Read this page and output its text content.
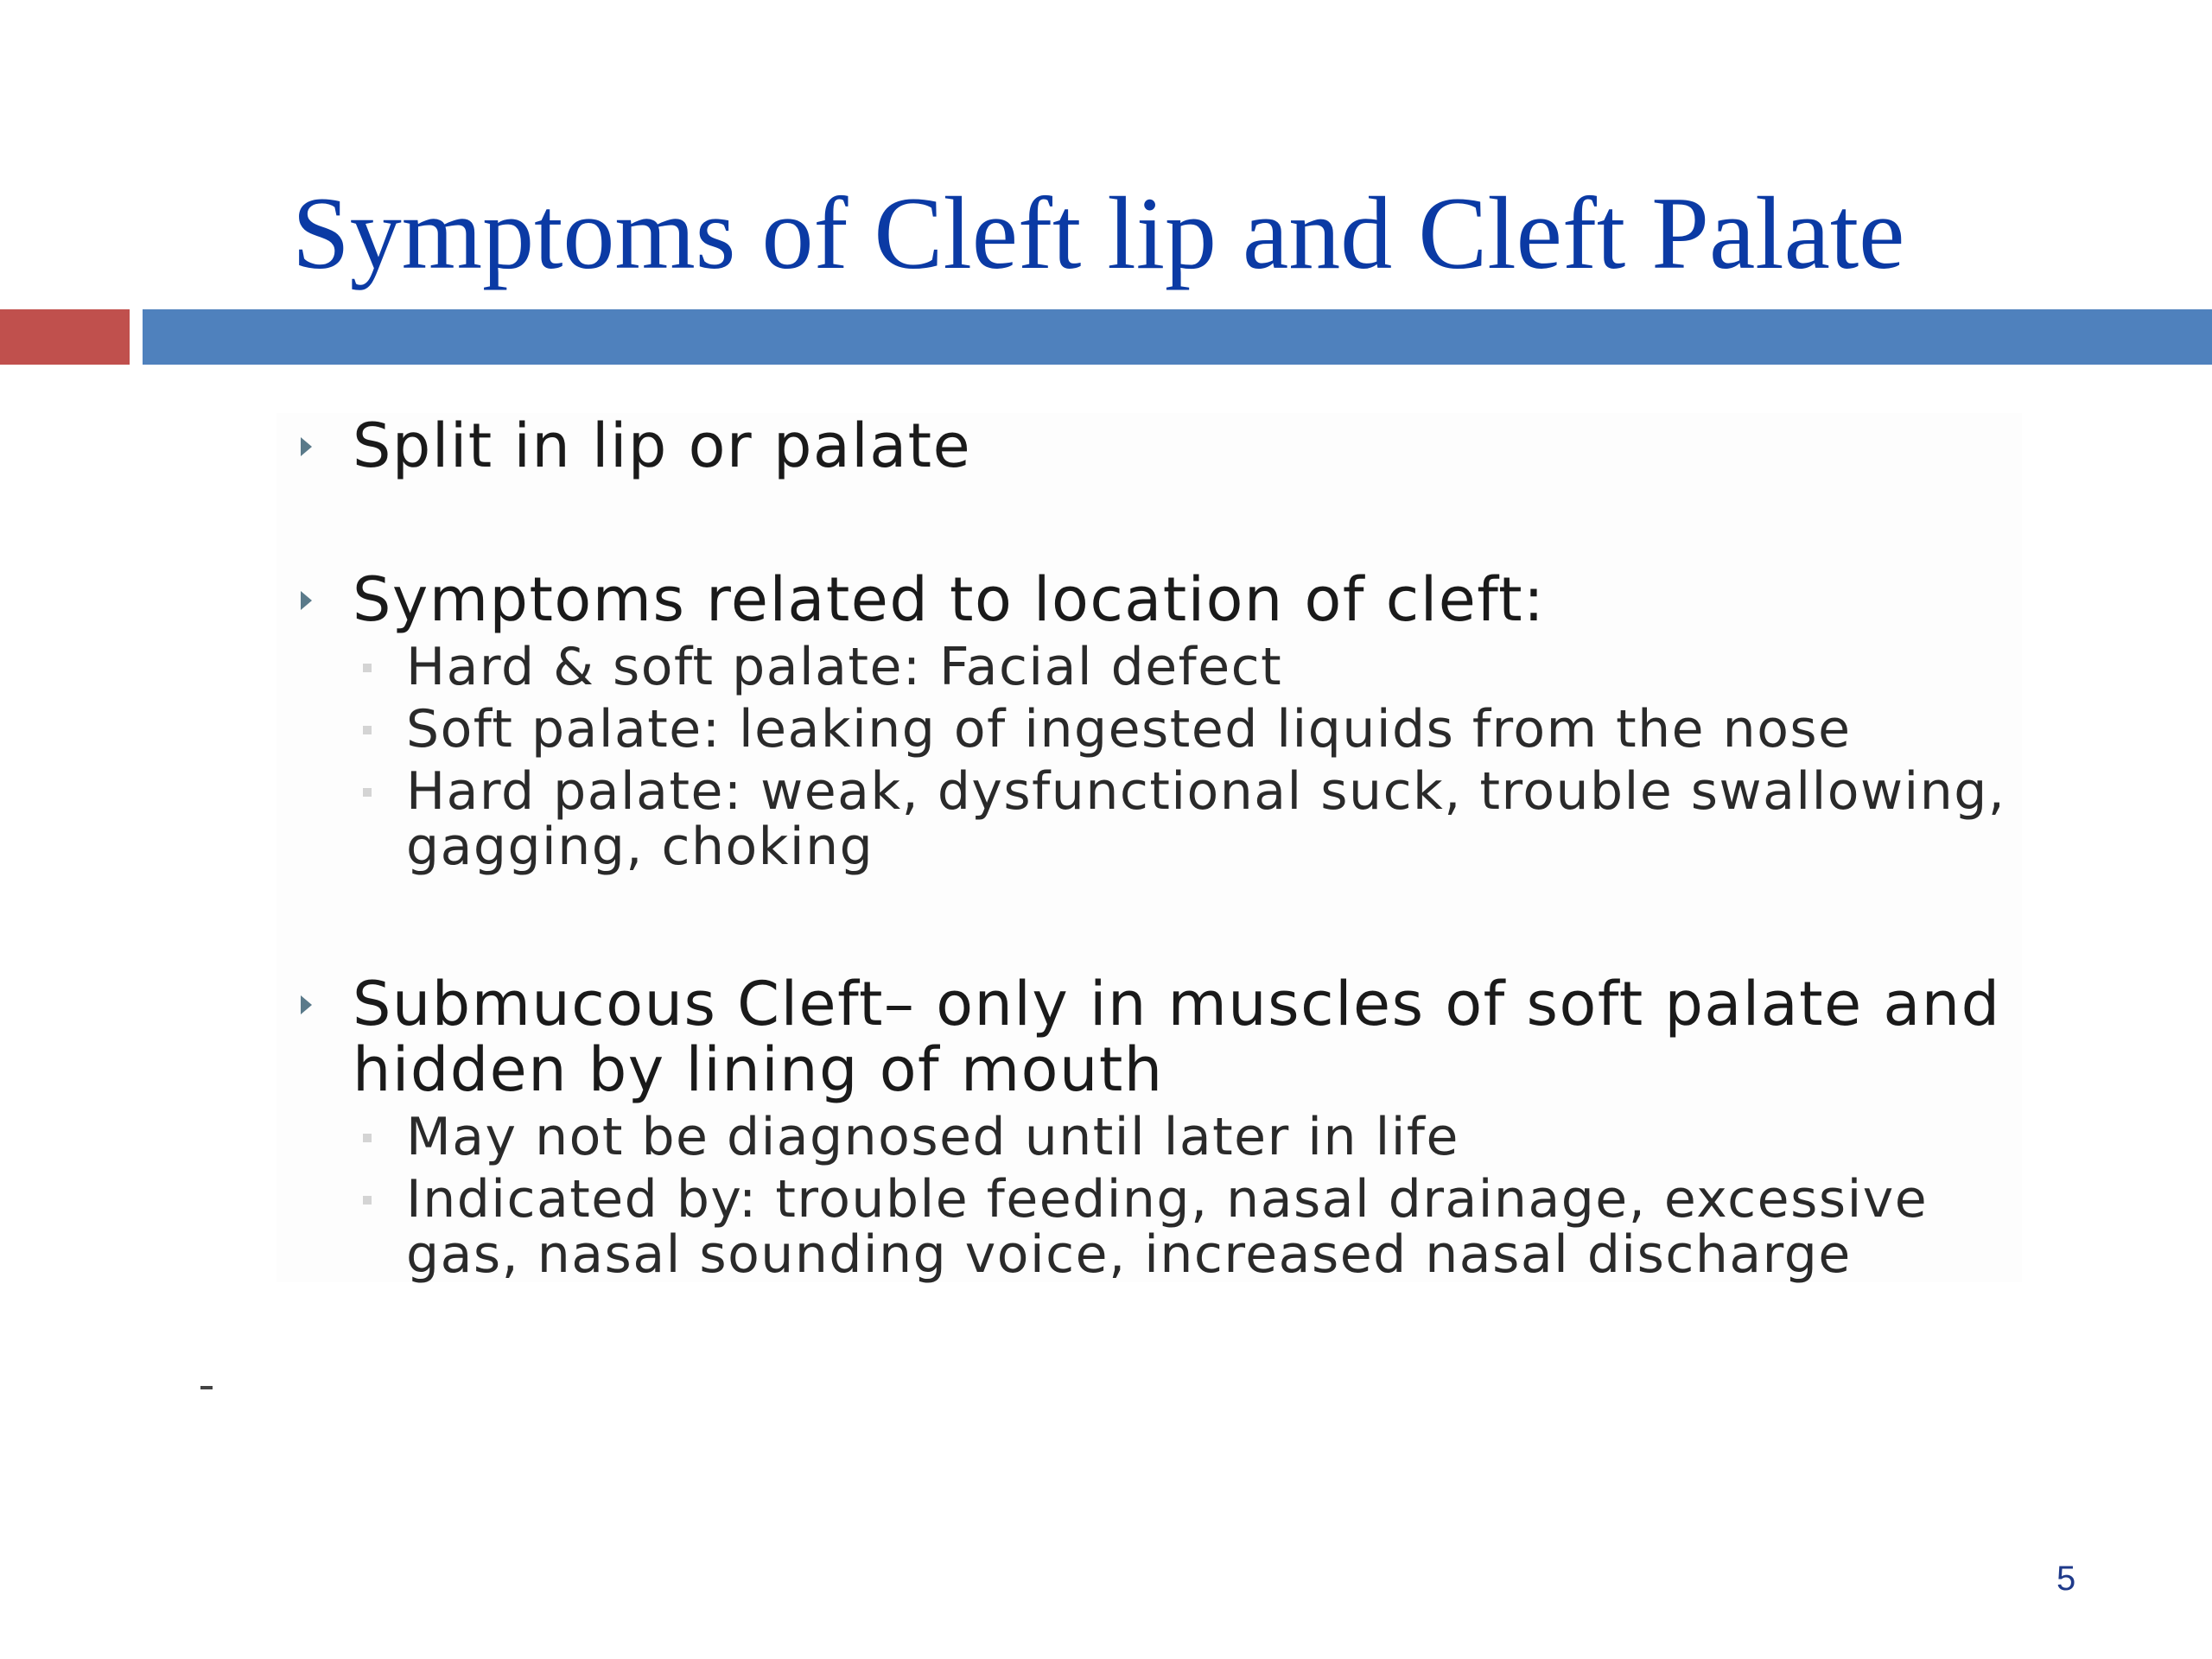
Symptoms of Cleft lip and Cleft Palate
Split in lip or palate
Symptoms related to location of cleft:
Hard & soft palate: Facial defect
Soft palate: leaking of ingested liquids from the nose
Hard palate: weak, dysfunctional suck, trouble swallowing, gagging, choking
Submucous Cleft– only in muscles of soft palate and hidden by lining of mouth
May not be diagnosed until later in life
Indicated by: trouble feeding, nasal drainage, excessive gas, nasal sounding voice, increased nasal discharge
5
